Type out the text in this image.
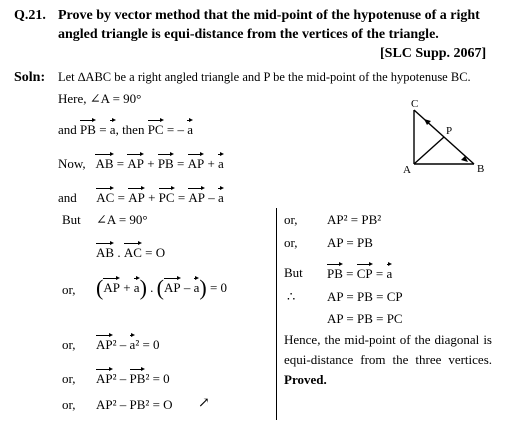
Q.21. Prove by vector method that the mid-point of the hypotenuse of a right
angled triangle is equi-distance from the vertices of the triangle.
[SLC Supp. 2067]
Soln: Let ∆ABC be a right angled triangle and P be the mid-point of the hypotenuse BC.
Here, ∠A = 90°
and PB = a, then PC = – a
Now, AB = AP + PB = AP + a
and AC = AP + PC = AP – a
But ∠A = 90°
AB . AC = O
or, (AP + a) . (AP – a) = 0
or, AP² – a² = 0
or, AP² – PB² = 0
or, AP² – PB² = O ↗
or, AP² = PB²
or, AP = PB
But PB = CP = a
∴ AP = PB = CP
AP = PB = PC
Hence, the mid-point of the diagonal is equi-distance from the three vertices. Proved.
C
P
A	B
